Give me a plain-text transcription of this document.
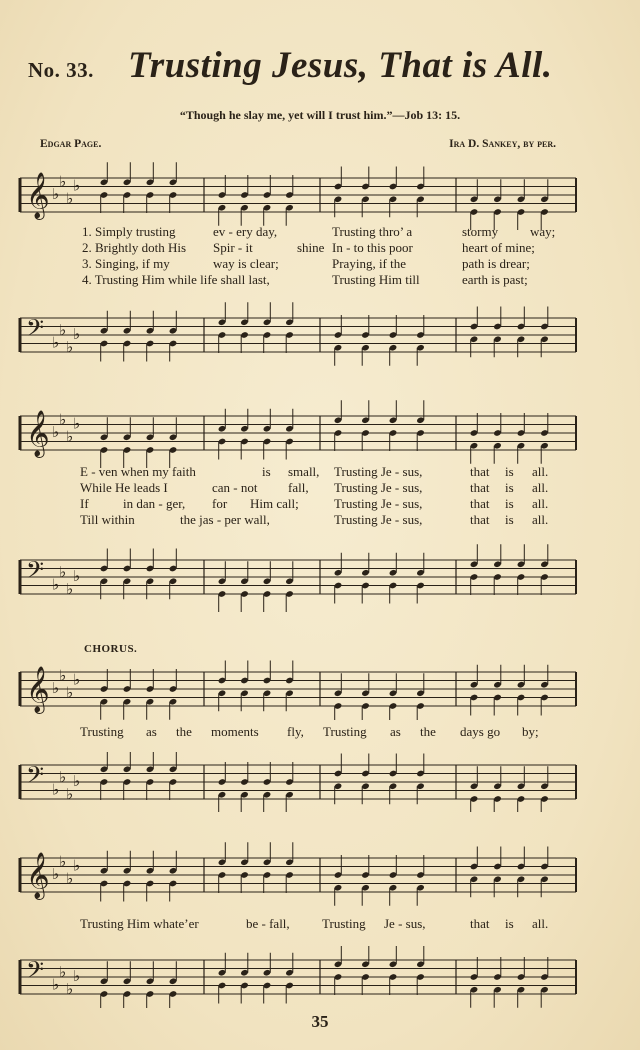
No. 33. Trusting Jesus, That is All.
“Though he slay me, yet will I trust him.”—Job 13: 15.
Edgar Page.	Ira D. Sankey, by per.
𝄞 ♭
♭
♭
♭
1. Simply trusting	ev - ery day,	Trusting thro’ a	stormy way;
2. Brightly doth His Spir - it	shine In - to this poor	heart of mine;
3. Singing, if my	way is clear;	Praying, if the	path is drear;
4. Trusting Him while life shall last,	Trusting Him till	earth is past;
𝄢 ♭
♭
♭
♭
𝄞 ♭
♭
♭
♭
E - ven when my faith	is small, Trusting Je - sus,	that is all.
While He leads I	can - not fall, Trusting Je - sus,	that is all.
If	in dan - ger, for Him call;	Trusting Je - sus,	that is all.
Till within	the jas - per wall,	Trusting Je - sus,	that is all.
𝄢 ♭
♭
♭
♭
CHORUS.
𝄞 ♭
♭
♭
♭
Trusting as the moments fly, Trusting as the days go by;
𝄢 ♭
♭
♭
♭
𝄞 ♭
♭
♭
♭
Trusting Him whate’er	be - fall, Trusting Je - sus,	that is all.
𝄢 ♭
♭
♭
♭
35
